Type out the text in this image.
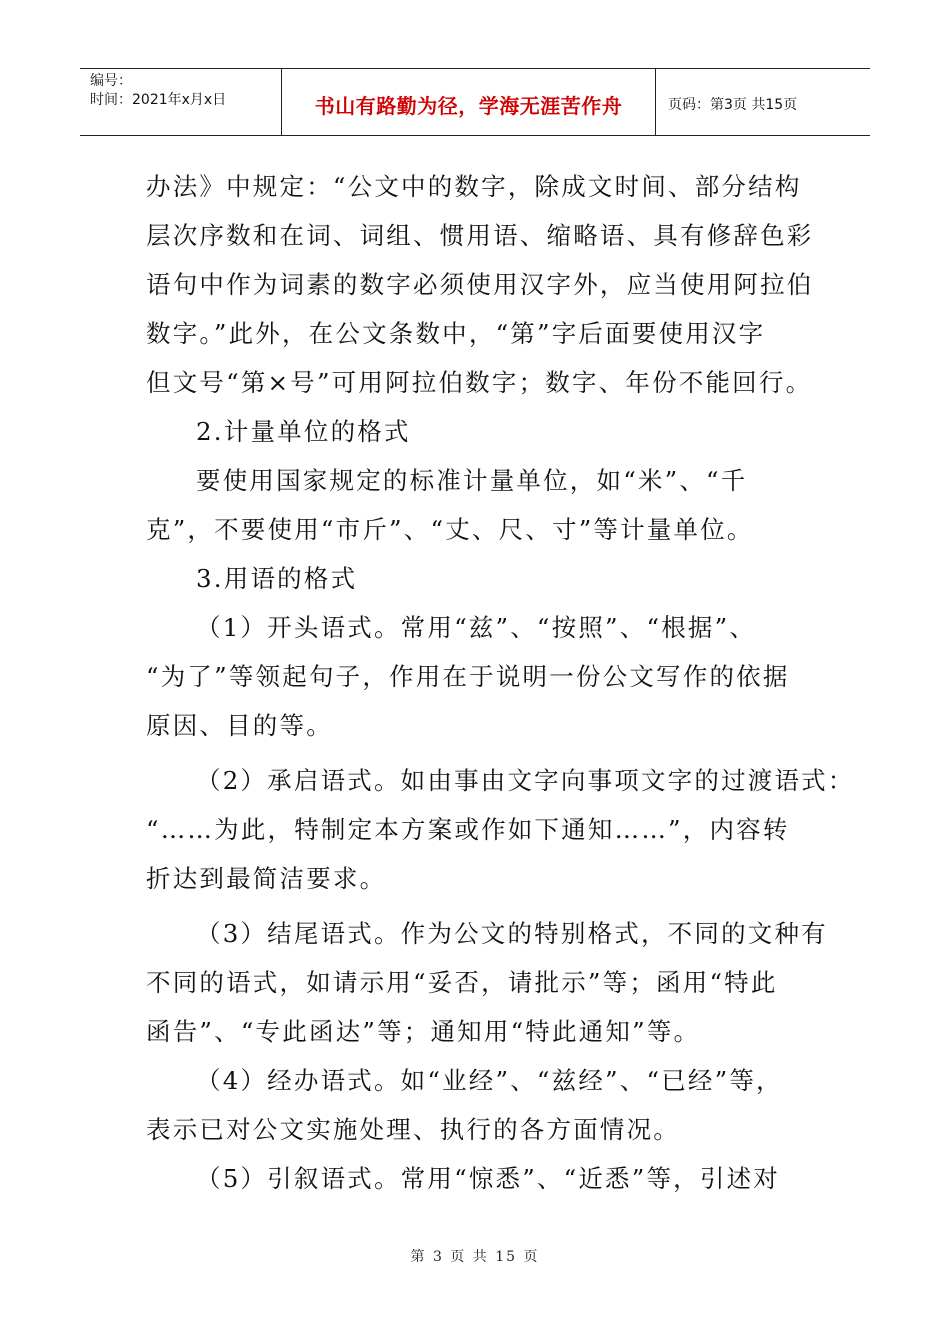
编号：
时间：2021年x月x日	书山有路勤为径，学海无涯苦作舟	页码：第3页 共15页
办法》中规定：“公文中的数字，除成文时间、部分结构
层次序数和在词、词组、惯用语、缩略语、具有修辞色彩
语句中作为词素的数字必须使用汉字外，应当使用阿拉伯
数字。”此外，在公文条数中，“第”字后面要使用汉字
但文号“第×号”可用阿拉伯数字；数字、年份不能回行。
2.计量单位的格式
要使用国家规定的标准计量单位，如“米”、“千
克”，不要使用“市斤”、“丈、尺、寸”等计量单位。
3.用语的格式
（1）开头语式。常用“兹”、“按照”、“根据”、
“为了”等领起句子，作用在于说明一份公文写作的依据
原因、目的等。
（2）承启语式。如由事由文字向事项文字的过渡语式：
“……为此，特制定本方案或作如下通知……”，内容转
折达到最简洁要求。
（3）结尾语式。作为公文的特别格式，不同的文种有
不同的语式，如请示用“妥否，请批示”等；函用“特此
函告”、“专此函达”等；通知用“特此通知”等。
（4）经办语式。如“业经”、“兹经”、“已经”等，
表示已对公文实施处理、执行的各方面情况。
（5）引叙语式。常用“惊悉”、“近悉”等，引述对
第 3 页 共 15 页
